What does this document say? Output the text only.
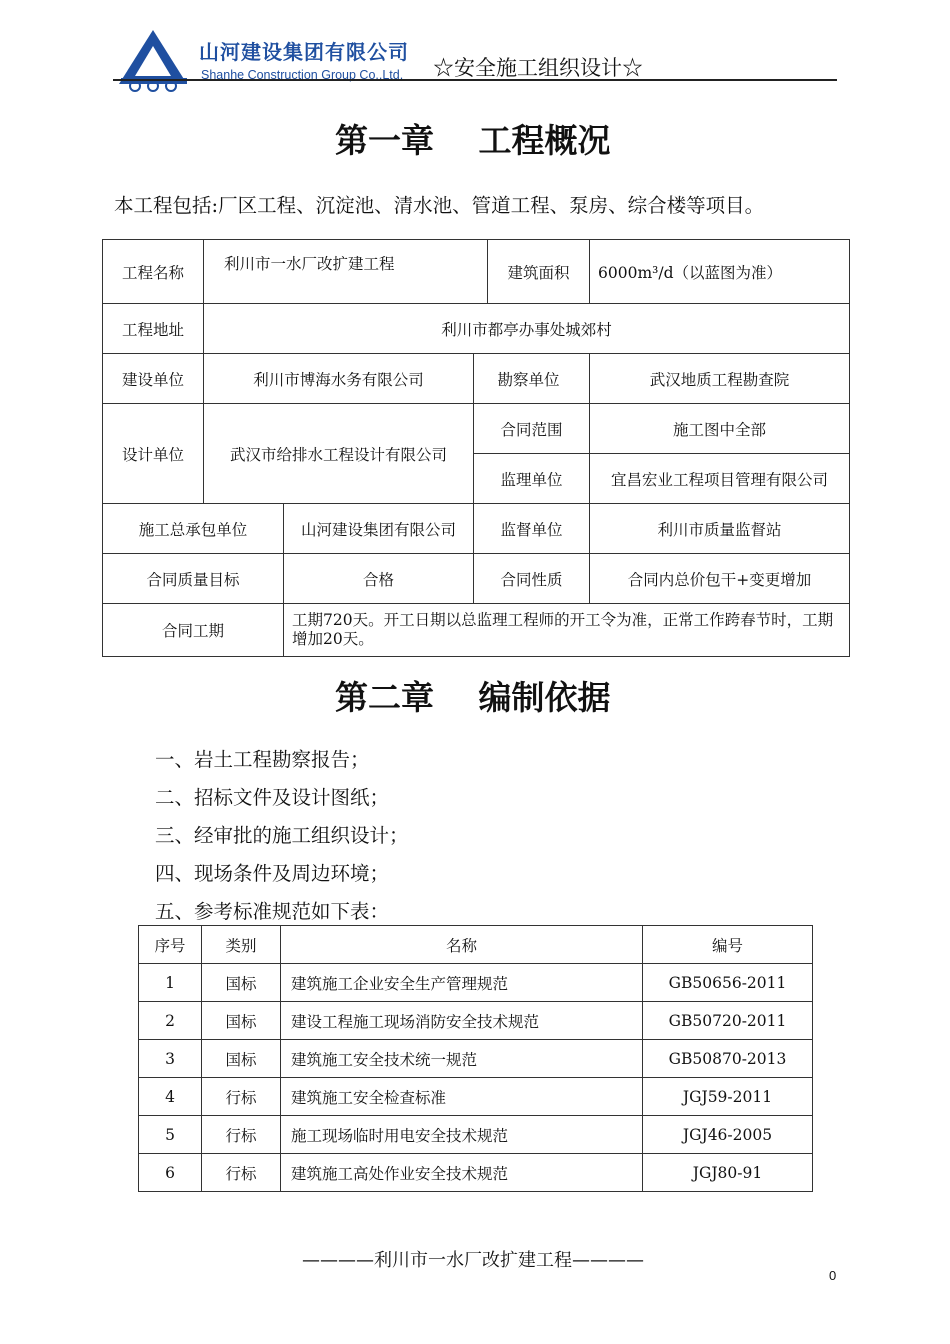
山河建设集团有限公司
Shanhe Construction Group Co.,Ltd. ☆安全施工组织设计☆
第一章　 工程概况
本工程包括:厂区工程、沉淀池、清水池、管道工程、泵房、综合楼等项目。
工程名称	利川市一水厂改扩建工程			建筑面积	6000m³/d（以蓝图为准）
工程地址	利川市都亭办事处城郊村				
建设单位	利川市博海水务有限公司		勘察单位		武汉地质工程勘查院
设计单位	武汉市给排水工程设计有限公司		合同范围		施工图中全部
			监理单位		宜昌宏业工程项目管理有限公司
施工总承包单位		山河建设集团有限公司	监督单位		利川市质量监督站
合同质量目标		合格	合同性质		合同内总价包干+变更增加
合同工期		工期720天。开工日期以总监理工程师的开工令为准，正常工作跨春节时，工期增加20天。			
第二章　 编制依据
一、岩土工程勘察报告；
二、招标文件及设计图纸；
三、经审批的施工组织设计；
四、现场条件及周边环境；
五、参考标准规范如下表：
序号	类别	名称	编号
1	国标	建筑施工企业安全生产管理规范	GB50656-2011
2	国标	建设工程施工现场消防安全技术规范	GB50720-2011
3	国标	建筑施工安全技术统一规范	GB50870-2013
4	行标	建筑施工安全检查标准	JGJ59-2011
5	行标	施工现场临时用电安全技术规范	JGJ46-2005
6	行标	建筑施工高处作业安全技术规范	JGJ80-91
————利川市一水厂改扩建工程————
0
